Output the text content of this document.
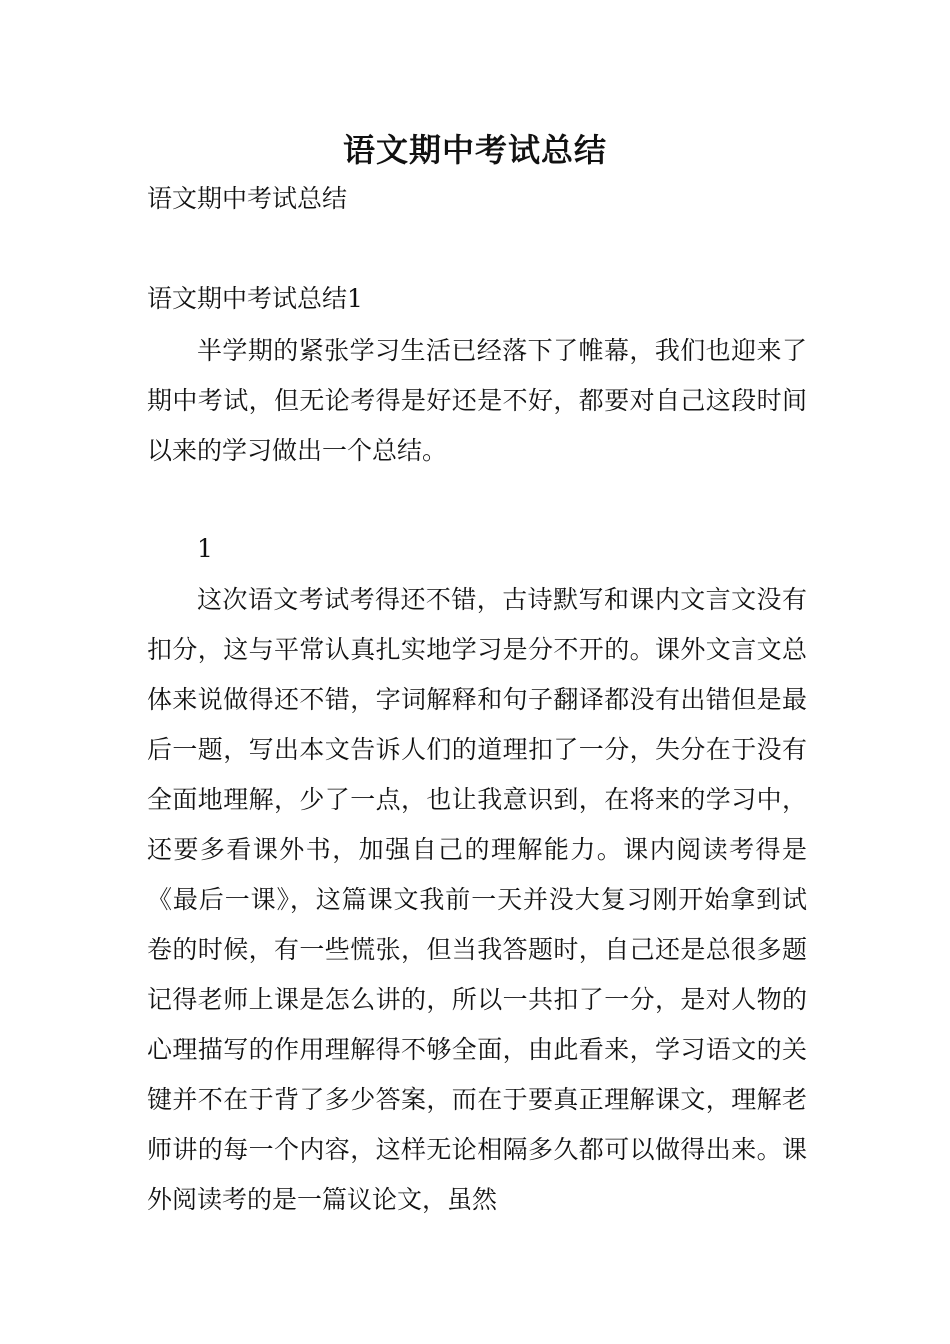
语文期中考试总结
语文期中考试总结
语文期中考试总结1
半学期的紧张学习生活已经落下了帷幕，我们也迎来了期中考试，但无论考得是好还是不好，都要对自己这段时间以来的学习做出一个总结。
1
这次语文考试考得还不错，古诗默写和课内文言文没有扣分，这与平常认真扎实地学习是分不开的。课外文言文总体来说做得还不错，字词解释和句子翻译都没有出错但是最后一题，写出本文告诉人们的道理扣了一分，失分在于没有全面地理解，少了一点，也让我意识到，在将来的学习中，还要多看课外书，加强自己的理解能力。课内阅读考得是《最后一课》，这篇课文我前一天并没大复习刚开始拿到试卷的时候，有一些慌张，但当我答题时，自己还是总很多题记得老师上课是怎么讲的，所以一共扣了一分，是对人物的心理描写的作用理解得不够全面，由此看来，学习语文的关键并不在于背了多少答案，而在于要真正理解课文，理解老师讲的每一个内容，这样无论相隔多久都可以做得出来。课外阅读考的是一篇议论文，虽然
